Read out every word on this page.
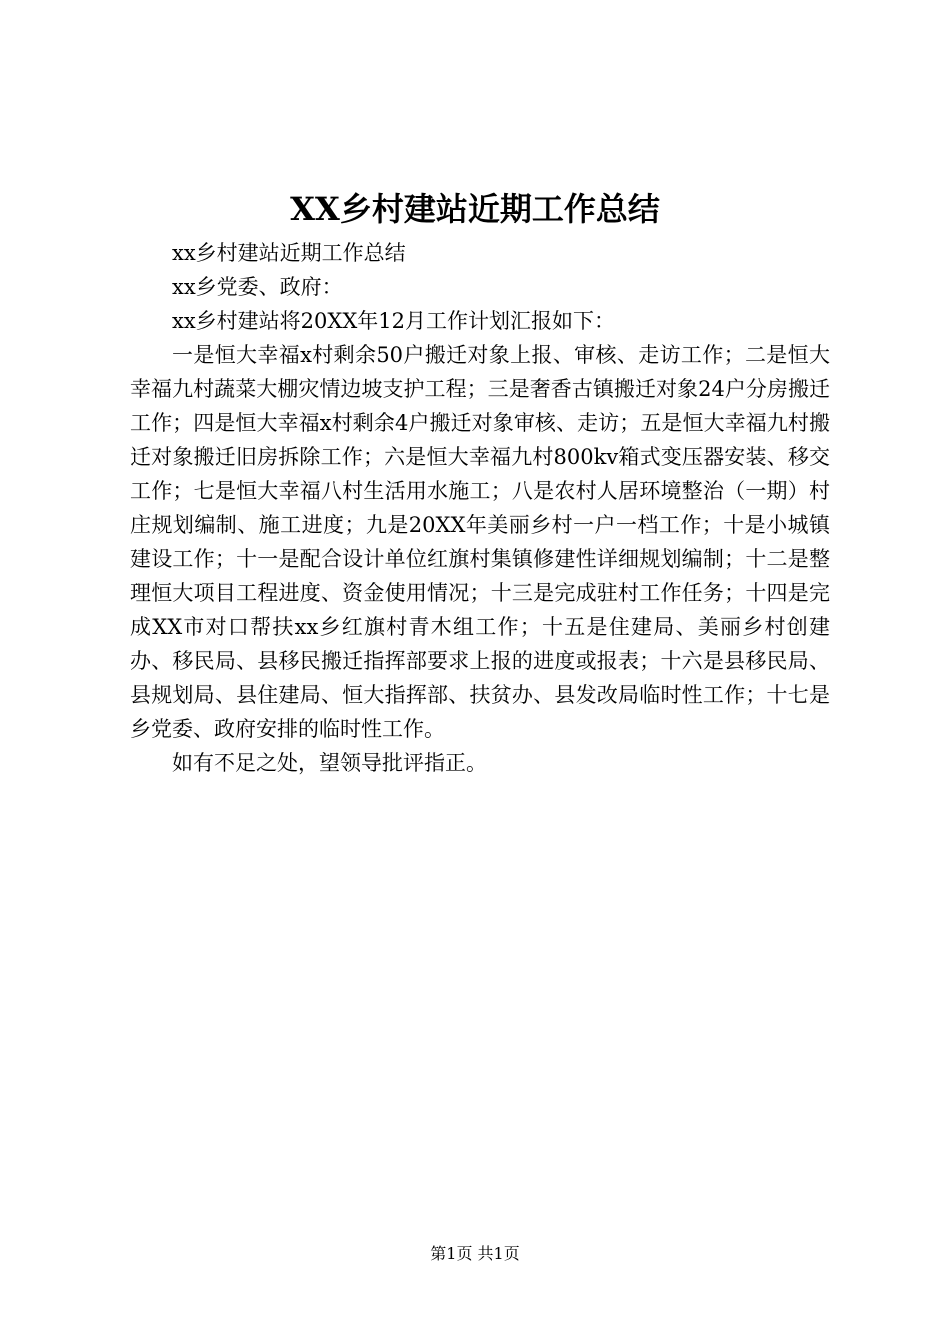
XX乡村建站近期工作总结

xx乡村建站近期工作总结

xx乡党委、政府：

xx乡村建站将20XX年12月工作计划汇报如下：

一是恒大幸福x村剩余50户搬迁对象上报、审核、走访工作；二是恒大幸福九村蔬菜大棚灾情边坡支护工程；三是奢香古镇搬迁对象24户分房搬迁工作；四是恒大幸福x村剩余4户搬迁对象审核、走访；五是恒大幸福九村搬迁对象搬迁旧房拆除工作；六是恒大幸福九村800kv箱式变压器安装、移交工作；七是恒大幸福八村生活用水施工；八是农村人居环境整治（一期）村庄规划编制、施工进度；九是20XX年美丽乡村一户一档工作；十是小城镇建设工作；十一是配合设计单位红旗村集镇修建性详细规划编制；十二是整理恒大项目工程进度、资金使用情况；十三是完成驻村工作任务；十四是完成XX市对口帮扶xx乡红旗村青木组工作；十五是住建局、美丽乡村创建办、移民局、县移民搬迁指挥部要求上报的进度或报表；十六是县移民局、县规划局、县住建局、恒大指挥部、扶贫办、县发改局临时性工作；十七是乡党委、政府安排的临时性工作。

如有不足之处，望领导批评指正。

第1页 共1页
